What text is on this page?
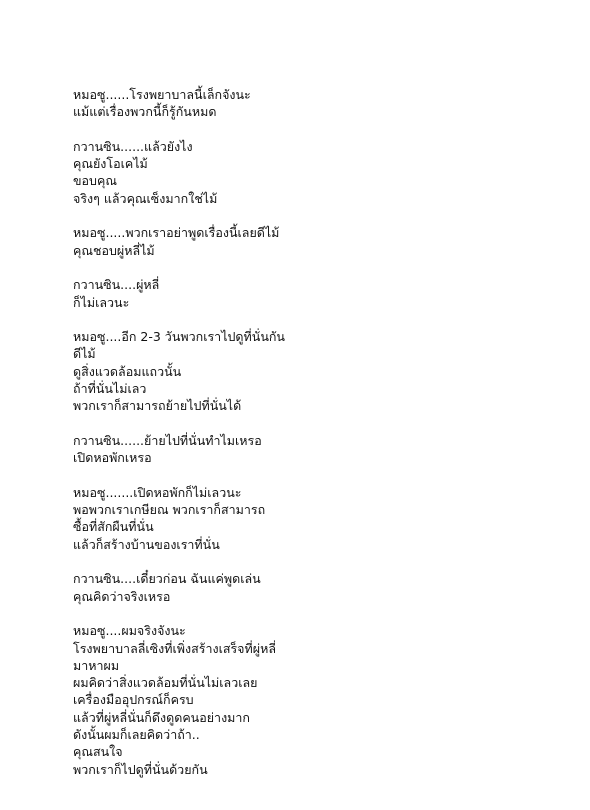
หมอซู......โรงพยาบาลนี้เล็กจังนะ
แม้แต่เรื่องพวกนี้ก็รู้กันหมด

กวานซิน......แล้วยังไง
คุณยังโอเคไม้
ขอบคุณ
จริงๆ แล้วคุณเซ็งมากใช่ไม้

หมอซู.....พวกเราอย่าพูดเรื่องนี้เลยดีไม้
คุณชอบผู่หลี่ไม้

กวานซิน....ผู่หลี่
ก็ไม่เลวนะ

หมอซู....อีก 2-3 วันพวกเราไปดูที่นั่นกัน
ดีไม้
ดูสิ่งแวดล้อมแถวนั้น
ถ้าที่นั่นไม่เลว
พวกเราก็สามารถย้ายไปที่นั่นได้

กวานซิน......ย้ายไปที่นั่นทำไมเหรอ
เปิดหอพักเหรอ

หมอซู.......เปิดหอพักก็ไม่เลวนะ
พอพวกเราเกษียณ พวกเราก็สามารถ
ซื้อที่สักผืนที่นั่น
แล้วก็สร้างบ้านของเราที่นั่น

กวานซิน....เดี๋ยวก่อน ฉันแค่พูดเล่น
คุณคิดว่าจริงเหรอ

หมอซู....ผมจริงจังนะ
โรงพยาบาลลี่เซิงที่เพิ่งสร้างเสร็จที่ผู่หลี่
มาหาผม
ผมคิดว่าสิ่งแวดล้อมที่นั่นไม่เลวเลย
เครื่องมืออุปกรณ์ก็ครบ
แล้วที่ผู่หลี่นั่นก็ดึงดูดคนอย่างมาก
ดังนั้นผมก็เลยคิดว่าถ้า..
คุณสนใจ
พวกเราก็ไปดูที่นั่นด้วยกัน
